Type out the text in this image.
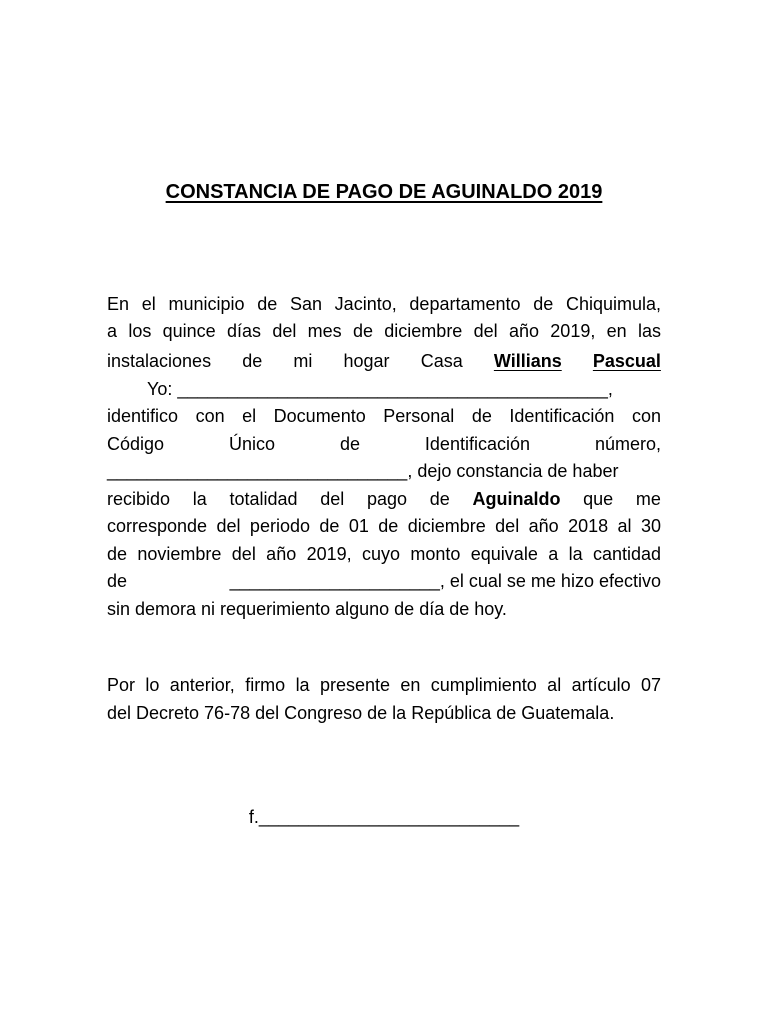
CONSTANCIA DE PAGO DE AGUINALDO 2019
En el municipio de San Jacinto, departamento de Chiquimula,
a los quince días del mes de diciembre del año 2019, en las
instalaciones de mi hogar Casa Willians Pascual
Yo: ___________________________________________,
identifico con el Documento Personal de Identificación con
Código	Único	de	Identificación	número,
______________________________, dejo constancia de haber
recibido la totalidad del pago de Aguinaldo que me
corresponde del periodo de 01 de diciembre del año 2018 al 30
de noviembre del año 2019, cuyo monto equivale a la cantidad
de	_____________________, el cual se me hizo efectivo
sin demora ni requerimiento alguno de día de hoy.
Por lo anterior, firmo la presente en cumplimiento al artículo 07
del Decreto 76-78 del Congreso de la República de Guatemala.
f.__________________________
